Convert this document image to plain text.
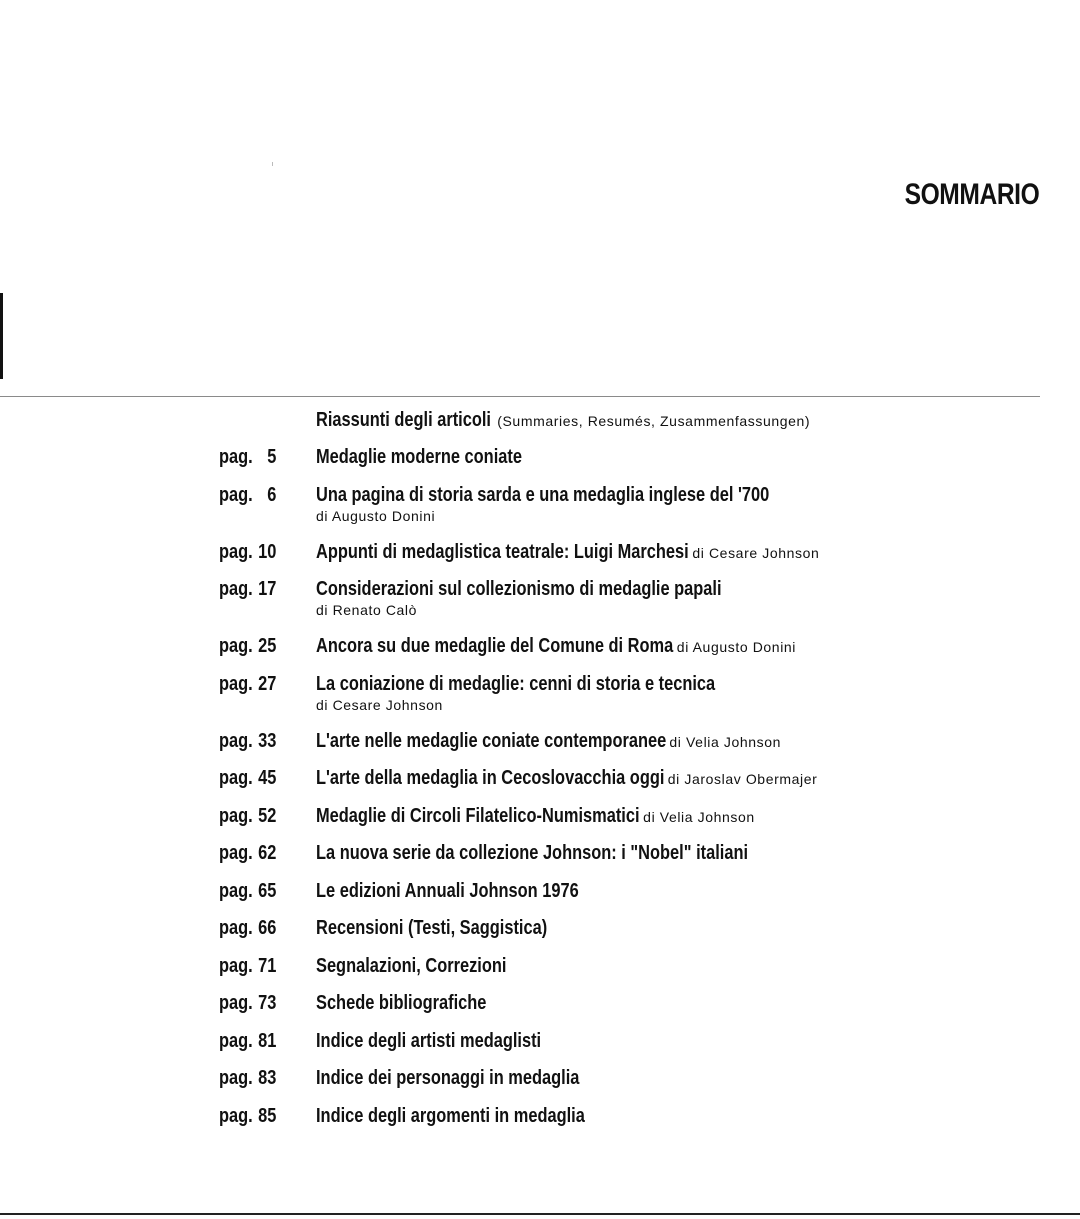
SOMMARIO
Riassunti degli articoli (Summaries, Resumés, Zusammenfassungen)
pag. 5 Medaglie moderne coniate
pag. 6 Una pagina di storia sarda e una medaglia inglese del '700
di Augusto Donini
pag. 10 Appunti di medaglistica teatrale: Luigi Marchesi di Cesare Johnson
pag. 17 Considerazioni sul collezionismo di medaglie papali
di Renato Calò
pag. 25 Ancora su due medaglie del Comune di Roma di Augusto Donini
pag. 27 La coniazione di medaglie: cenni di storia e tecnica
di Cesare Johnson
pag. 33 L'arte nelle medaglie coniate contemporanee di Velia Johnson
pag. 45 L'arte della medaglia in Cecoslovacchia oggi di Jaroslav Obermajer
pag. 52 Medaglie di Circoli Filatelico-Numismatici di Velia Johnson
pag. 62 La nuova serie da collezione Johnson: i "Nobel" italiani
pag. 65 Le edizioni Annuali Johnson 1976
pag. 66 Recensioni (Testi, Saggistica)
pag. 71 Segnalazioni, Correzioni
pag. 73 Schede bibliografiche
pag. 81 Indice degli artisti medaglisti
pag. 83 Indice dei personaggi in medaglia
pag. 85 Indice degli argomenti in medaglia
